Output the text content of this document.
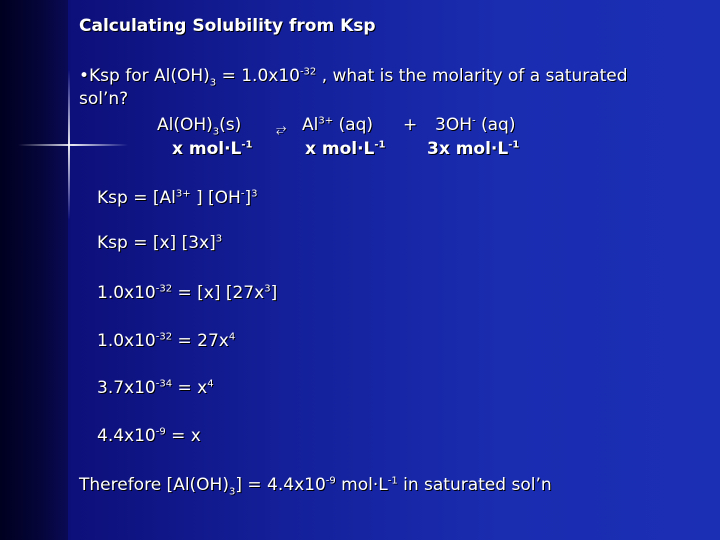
Calculating Solubility from Ksp
•Ksp for $Al(OH)_3 = 1.0x10^{-32}$ , what is the molarity of a saturated
sol’n?
$Al(OH)_3(s)$	⥂ $Al^{3+}$ (aq) + 3OH- (aq)
x $mol\cdot L^{-1}$	x $mol\cdot L^{-1}$ 3x $mol\cdot L^{-1}$
Ksp = [$Al^{3+}$ ] $[OH^-]^3$
Ksp = [x] $[3x]^3$
$1.0x10^{-32} = [x]$ $[27x^3]$
$1.0x10^{-32} = 27x^4$
$3.7x10^{-34} = x^4$
$4.4x10^{-9} = x$
Therefore $[Al(OH)_3] = 4.4x10^{-9}$ $mol\cdot L^{-1}$ in saturated sol’n
